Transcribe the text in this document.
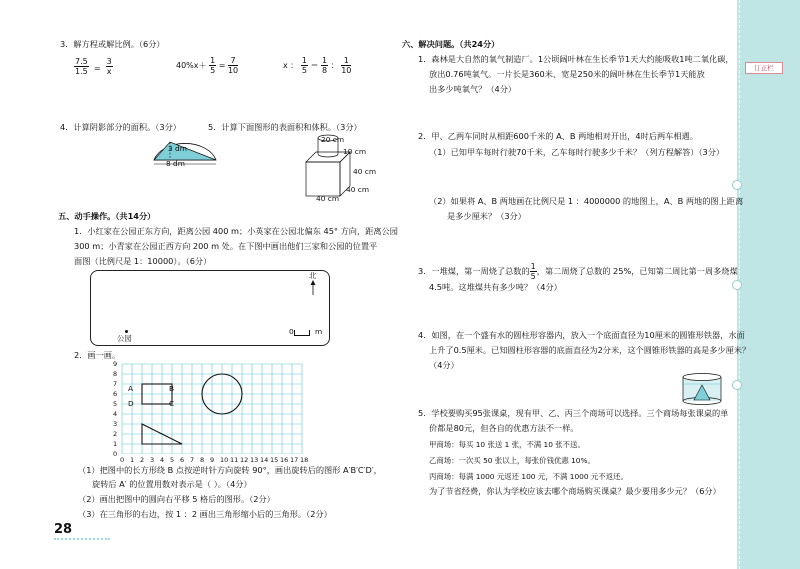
订正栏
3．解方程或解比例。（6分）
$\frac{7.5}{1.5} = \frac{3}{x}$	$40\%x+ \frac{1}{5} = \frac{7}{10}$	x ： $\frac{1}{5} = \frac{1}{8}$ ： $\frac{1}{10}$
4．计算阴影部分的面积。（3分）	5．计算下面图形的表面积和体积。（3分）
3 dm
8 dm
20 cm
10 cm
40 cm
40 cm
40 cm
五、动手操作。（共14分）
1．小红家在公园正东方向，距离公园 400 m；小英家在公园北偏东 45° 方向，距离公园
300 m；小青家在公园正西方向 200 m 处。在下图中画出他们三家和公园的位置平
面图（比例尺是 1：10000）。（6分）
北
公园
0	m
2．画一画。
0 1 2 3 4 5 6 7 8 9 10 11 12 13 14 15 16 17 18
9
8
7
6
5
4
3
2
1
0
A	B
C
D
（1）把图中的长方形绕 B 点按逆时针方向旋转 90°，画出旋转后的图形 A′B′C′D′，
旋转后 A′ 的位置用数对表示是（ ）。（4分）
（2）画出把图中的圆向右平移 5 格后的图形。（2分）
（3）在三角形的右边，按 1 ：2 画出三角形缩小后的三角形。（2分）
28
六、解决问题。（共24分）
1．森林是大自然的氧气制造厂。1公顷阔叶林在生长季节1天大约能吸收1吨二氧化碳，
放出0.76吨氧气。一片长是360米、宽是250米的阔叶林在生长季节1天能放
出多少吨氧气？（4分）
2．甲、乙两车同时从相距600千米的 A、B 两地相对开出，4时后两车相遇。
（1）已知甲车每时行驶70千米，乙车每时行驶多少千米？（列方程解答）（3分）
（2）如果将 A、B 两地画在比例尺是 1 ：4000000 的地图上，A、B 两地的图上距离
是多少厘米？（3分）
3．一堆煤，第一周烧了总数的 $\frac{1}{5}$ ，第二周烧了总数的 25%，已知第二周比第一周多烧煤
4.5吨。这堆煤共有多少吨？（4分）
4．如图，在一个盛有水的圆柱形容器内，放入一个底面直径为10厘米的圆锥形铁器，水面
上升了0.5厘米。已知圆柱形容器的底面直径为2分米，这个圆锥形铁器的高是多少厘米？
（4分）
5．学校要购买95张课桌，现有甲、乙、丙三个商场可以选择。三个商场每张课桌的单
价都是80元，但各自的优惠方法不一样。
甲商场：每买 10 张送 1 张，不满 10 张不送。
乙商场：一次买 50 张以上，每张价钱优惠 10%。
丙商场：每满 1000 元返还 100 元，不满 1000 元不返还。
为了节省经费，你认为学校应该去哪个商场购买课桌？最少要用多少元？（6分）
